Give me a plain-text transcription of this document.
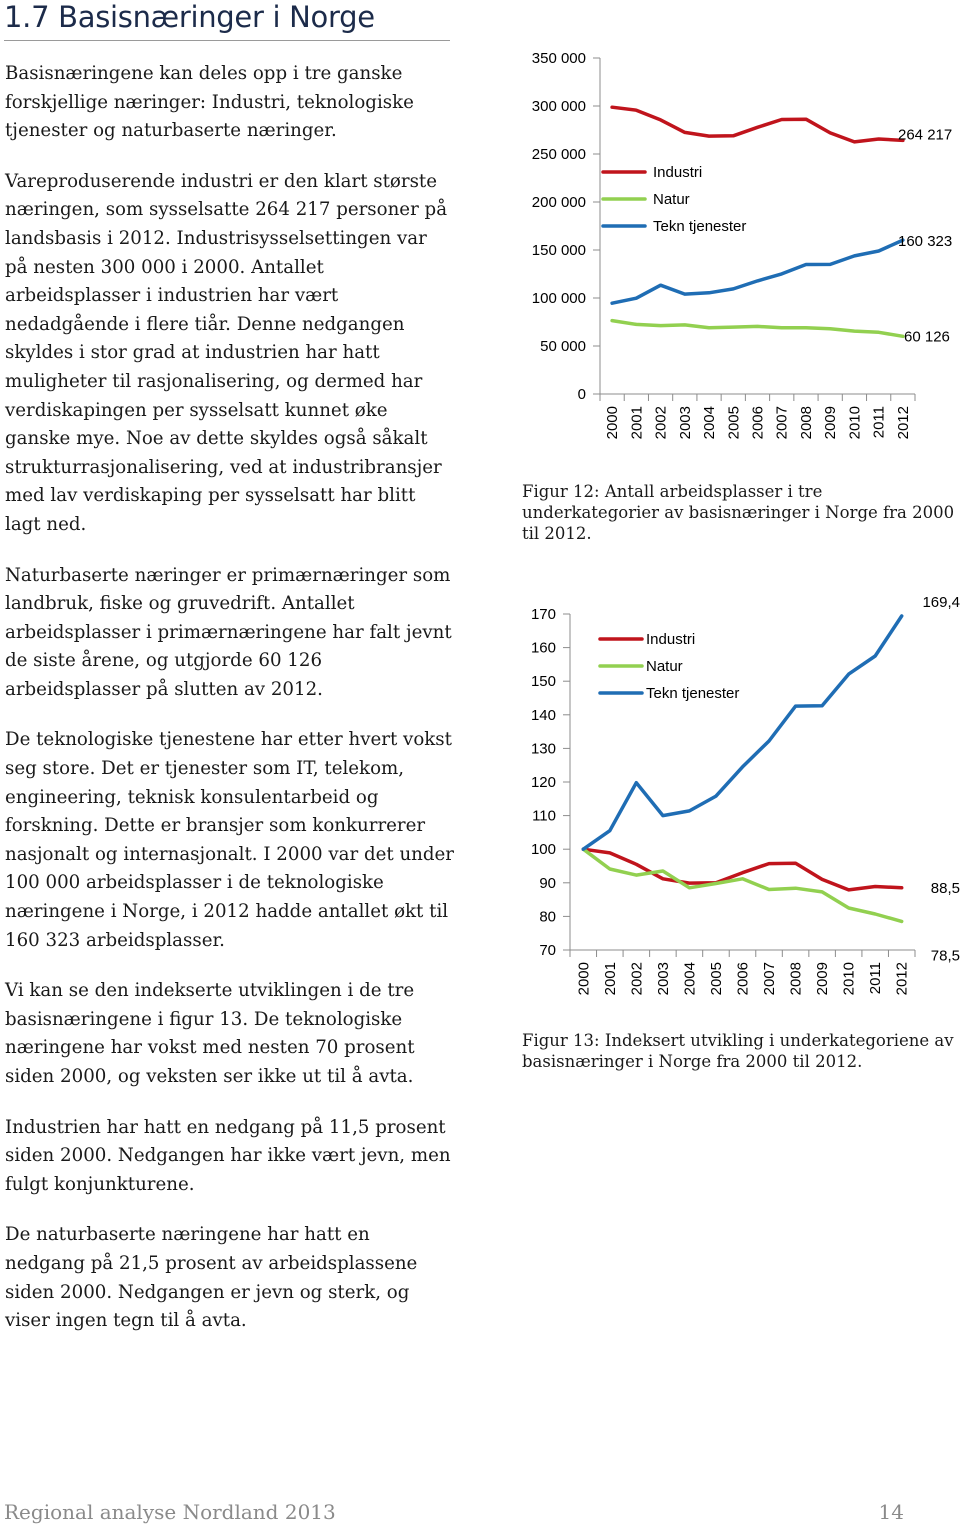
1.7 Basisnæringer i Norge

Basisnæringene kan deles opp i tre ganske forskjellige næringer: Industri, teknologiske tjenester og naturbaserte næringer.

Vareproduserende industri er den klart største næringen, som sysselsatte 264 217 personer på landsbasis i 2012. Industrisysselsettingen var på nesten 300 000 i 2000. Antallet arbeidsplasser i industrien har vært nedadgående i flere tiår. Denne nedgangen skyldes i stor grad at industrien har hatt muligheter til rasjonalisering, og dermed har verdiskapingen per sysselsatt kunnet øke ganske mye. Noe av dette skyldes også såkalt strukturrasjonalisering, ved at industribransjer med lav verdiskaping per sysselsatt har blitt lagt ned.

Naturbaserte næringer er primærnæringer som landbruk, fiske og gruvedrift. Antallet arbeidsplasser i primærnæringene har falt jevnt de siste årene, og utgjorde 60 126 arbeidsplasser på slutten av 2012.

De teknologiske tjenestene har etter hvert vokst seg store. Det er tjenester som IT, telekom, engineering, teknisk konsulentarbeid og forskning. Dette er bransjer som konkurrerer nasjonalt og internasjonalt. I 2000 var det under 100 000 arbeidsplasser i de teknologiske næringene i Norge, i 2012 hadde antallet økt til 160 323 arbeidsplasser.

Vi kan se den indekserte utviklingen i de tre basisnæringene i figur 13. De teknologiske næringene har vokst med nesten 70 prosent siden 2000, og veksten ser ikke ut til å avta.

Industrien har hatt en nedgang på 11,5 prosent siden 2000. Nedgangen har ikke vært jevn, men fulgt konjunkturene.

De naturbaserte næringene har hatt en nedgang på 21,5 prosent av arbeidsplassene siden 2000. Nedgangen er jevn og sterk, og viser ingen tegn til å avta.

0
50 000
100 000
150 000
200 000
250 000
300 000
350 000
2000 2001 2002 2003 2004 2005 2006 2007 2008 2009 2010 2011 2012
264 217
60 126
160 323
Industri
Natur
Tekn tjenester

Figur 12: Antall arbeidsplasser i tre underkategorier av basisnæringer i Norge fra 2000 til 2012.

70
80
90
100
110
120
130
140
150
160
170
2000 2001 2002 2003 2004 2005 2006 2007 2008 2009 2010 2011 2012
88,5
78,5
169,4
Industri
Natur
Tekn tjenester

Figur 13: Indeksert utvikling i underkategoriene av basisnæringer i Norge fra 2000 til 2012.

Regional analyse Nordland 2013	14
